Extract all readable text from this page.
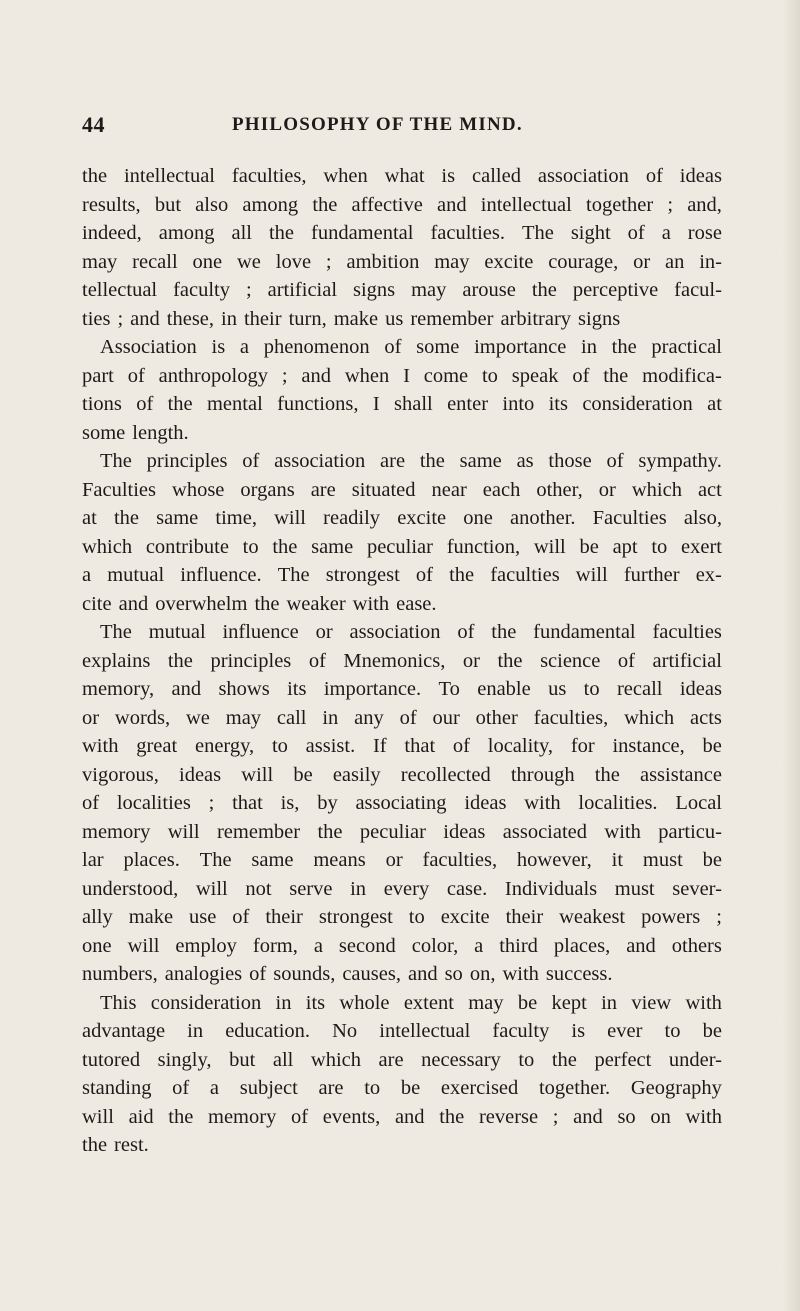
44	PHILOSOPHY OF THE MIND.
the intellectual faculties, when what is called association of ideas
results, but also among the affective and intellectual together ; and,
indeed, among all the fundamental faculties. The sight of a rose
may recall one we love ; ambition may excite courage, or an in-
tellectual faculty ; artificial signs may arouse the perceptive facul-
ties ; and these, in their turn, make us remember arbitrary signs
Association is a phenomenon of some importance in the practical
part of anthropology ; and when I come to speak of the modifica-
tions of the mental functions, I shall enter into its consideration at
some length.
The principles of association are the same as those of sympathy.
Faculties whose organs are situated near each other, or which act
at the same time, will readily excite one another. Faculties also,
which contribute to the same peculiar function, will be apt to exert
a mutual influence. The strongest of the faculties will further ex-
cite and overwhelm the weaker with ease.
The mutual influence or association of the fundamental faculties
explains the principles of Mnemonics, or the science of artificial
memory, and shows its importance. To enable us to recall ideas
or words, we may call in any of our other faculties, which acts
with great energy, to assist. If that of locality, for instance, be
vigorous, ideas will be easily recollected through the assistance
of localities ; that is, by associating ideas with localities. Local
memory will remember the peculiar ideas associated with particu-
lar places. The same means or faculties, however, it must be
understood, will not serve in every case. Individuals must sever-
ally make use of their strongest to excite their weakest powers ;
one will employ form, a second color, a third places, and others
numbers, analogies of sounds, causes, and so on, with success.
This consideration in its whole extent may be kept in view with
advantage in education. No intellectual faculty is ever to be
tutored singly, but all which are necessary to the perfect under-
standing of a subject are to be exercised together. Geography
will aid the memory of events, and the reverse ; and so on with
the rest.
